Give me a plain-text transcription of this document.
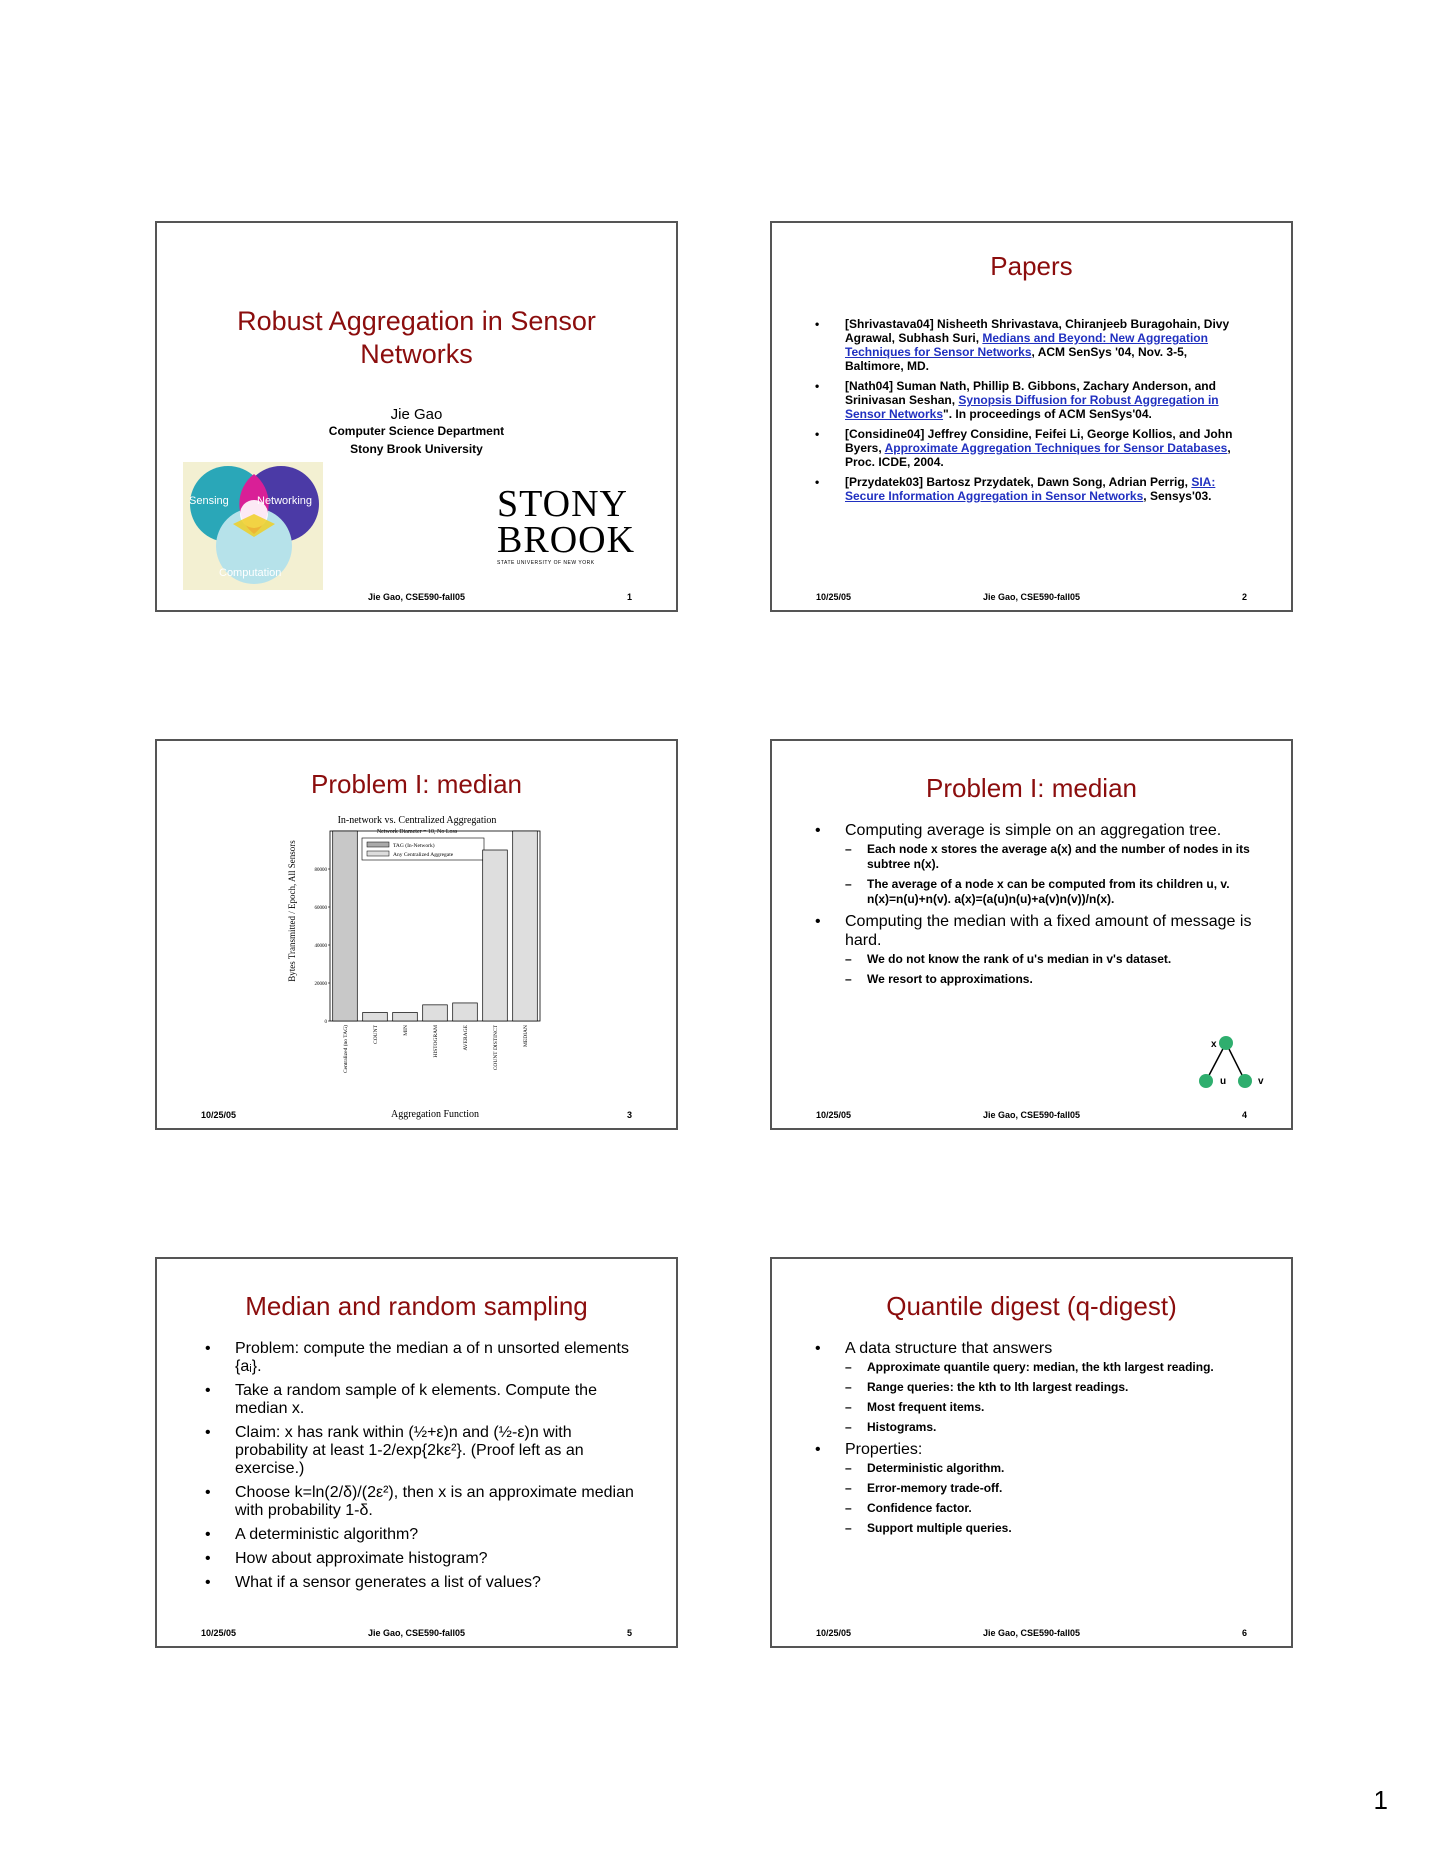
Robust Aggregation in Sensor
Networks
Jie Gao
Computer Science Department
Stony Brook University
Sensing	Networking
Computation
STONY
BROOK
STATE UNIVERSITY OF NEW YORK
Jie Gao, CSE590-fall05	1
Papers
• [Shrivastava04] Nisheeth Shrivastava, Chiranjeeb Buragohain, Divy Agrawal, Subhash Suri, Medians and Beyond: New Aggregation Techniques for Sensor Networks, ACM SenSys '04, Nov. 3-5, Baltimore, MD.
• [Nath04] Suman Nath, Phillip B. Gibbons, Zachary Anderson, and Srinivasan Seshan, Synopsis Diffusion for Robust Aggregation in Sensor Networks". In proceedings of ACM SenSys'04.
• [Considine04] Jeffrey Considine, Feifei Li, George Kollios, and John Byers, Approximate Aggregation Techniques for Sensor Databases, Proc. ICDE, 2004.
• [Przydatek03] Bartosz Przydatek, Dawn Song, Adrian Perrig, SIA: Secure Information Aggregation in Sensor Networks, Sensys'03.
10/25/05	Jie Gao, CSE590-fall05	2
Problem I: median
In-network vs. Centralized Aggregation
Network Diameter = 10, No Loss
Bytes Transmitted / Epoch, All Sensors
Aggregation Function
TAG (In-Network)
Any Centralized Aggregate
0
20000
40000
60000
80000
Centralized (no TAG)	COUNT	MIN	HISTOGRAM	AVERAGE	COUNT DISTINCT	MEDIAN
10/25/05	3
Problem I: median
• Computing average is simple on an aggregation tree.
– Each node x stores the average a(x) and the number of nodes in its subtree n(x).
– The average of a node x can be computed from its children u, v. n(x)=n(u)+n(v). a(x)=(a(u)n(u)+a(v)n(v))/n(x).
• Computing the median with a fixed amount of message is hard.
– We do not know the rank of u's median in v's dataset.
– We resort to approximations.
x
u	v
10/25/05	Jie Gao, CSE590-fall05	4
Median and random sampling
• Problem: compute the median a of n unsorted elements {aᵢ}.
• Take a random sample of k elements. Compute the median x.
• Claim: x has rank within (½+ε)n and (½-ε)n with probability at least 1-2/exp{2kε²}. (Proof left as an exercise.)
• Choose k=ln(2/δ)/(2ε²), then x is an approximate median with probability 1-δ.
• A deterministic algorithm?
• How about approximate histogram?
• What if a sensor generates a list of values?
10/25/05	Jie Gao, CSE590-fall05	5
Quantile digest (q-digest)
• A data structure that answers
– Approximate quantile query: median, the kth largest reading.
– Range queries: the kth to lth largest readings.
– Most frequent items.
– Histograms.
• Properties:
– Deterministic algorithm.
– Error-memory trade-off.
– Confidence factor.
– Support multiple queries.
10/25/05	Jie Gao, CSE590-fall05	6
1
